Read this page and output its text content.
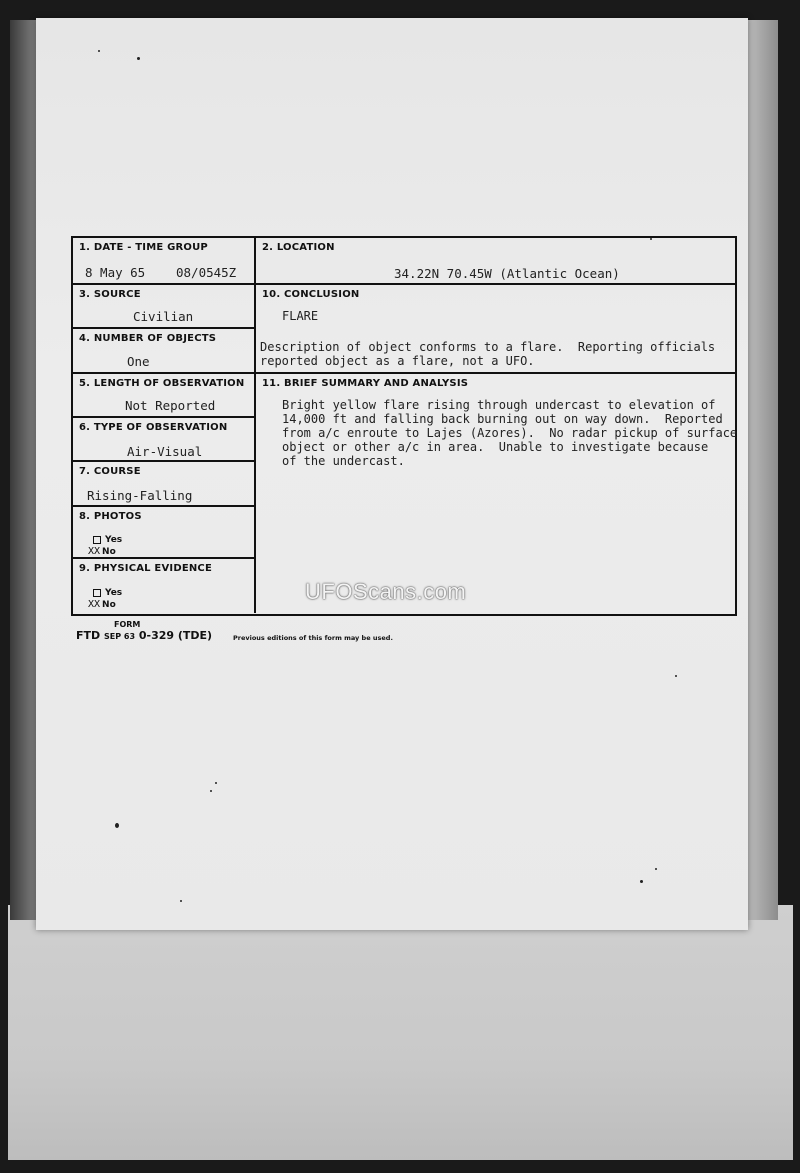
1. DATE - TIME GROUP
8 May 65 08/0545Z
2. LOCATION
34.22N 70.45W (Atlantic Ocean)
3. SOURCE
Civilian
10. CONCLUSION
FLARE
Description of object conforms to a flare.  Reporting officials
reported object as a flare, not a UFO.
4. NUMBER OF OBJECTS
One
5. LENGTH OF OBSERVATION
Not Reported
11. BRIEF SUMMARY AND ANALYSIS
Bright yellow flare rising through undercast to elevation of
14,000 ft and falling back burning out on way down.  Reported
from a/c enroute to Lajes (Azores).  No radar pickup of surface
object or other a/c in area.  Unable to investigate because
of the undercast.
6. TYPE OF OBSERVATION
Air-Visual
7. COURSE
Rising-Falling
8. PHOTOS
Yes
XX No
9. PHYSICAL EVIDENCE
Yes
XX No
UFOScans.com
FORM
FTD SEP 63 0-329 (TDE)	Previous editions of this form may be used.
